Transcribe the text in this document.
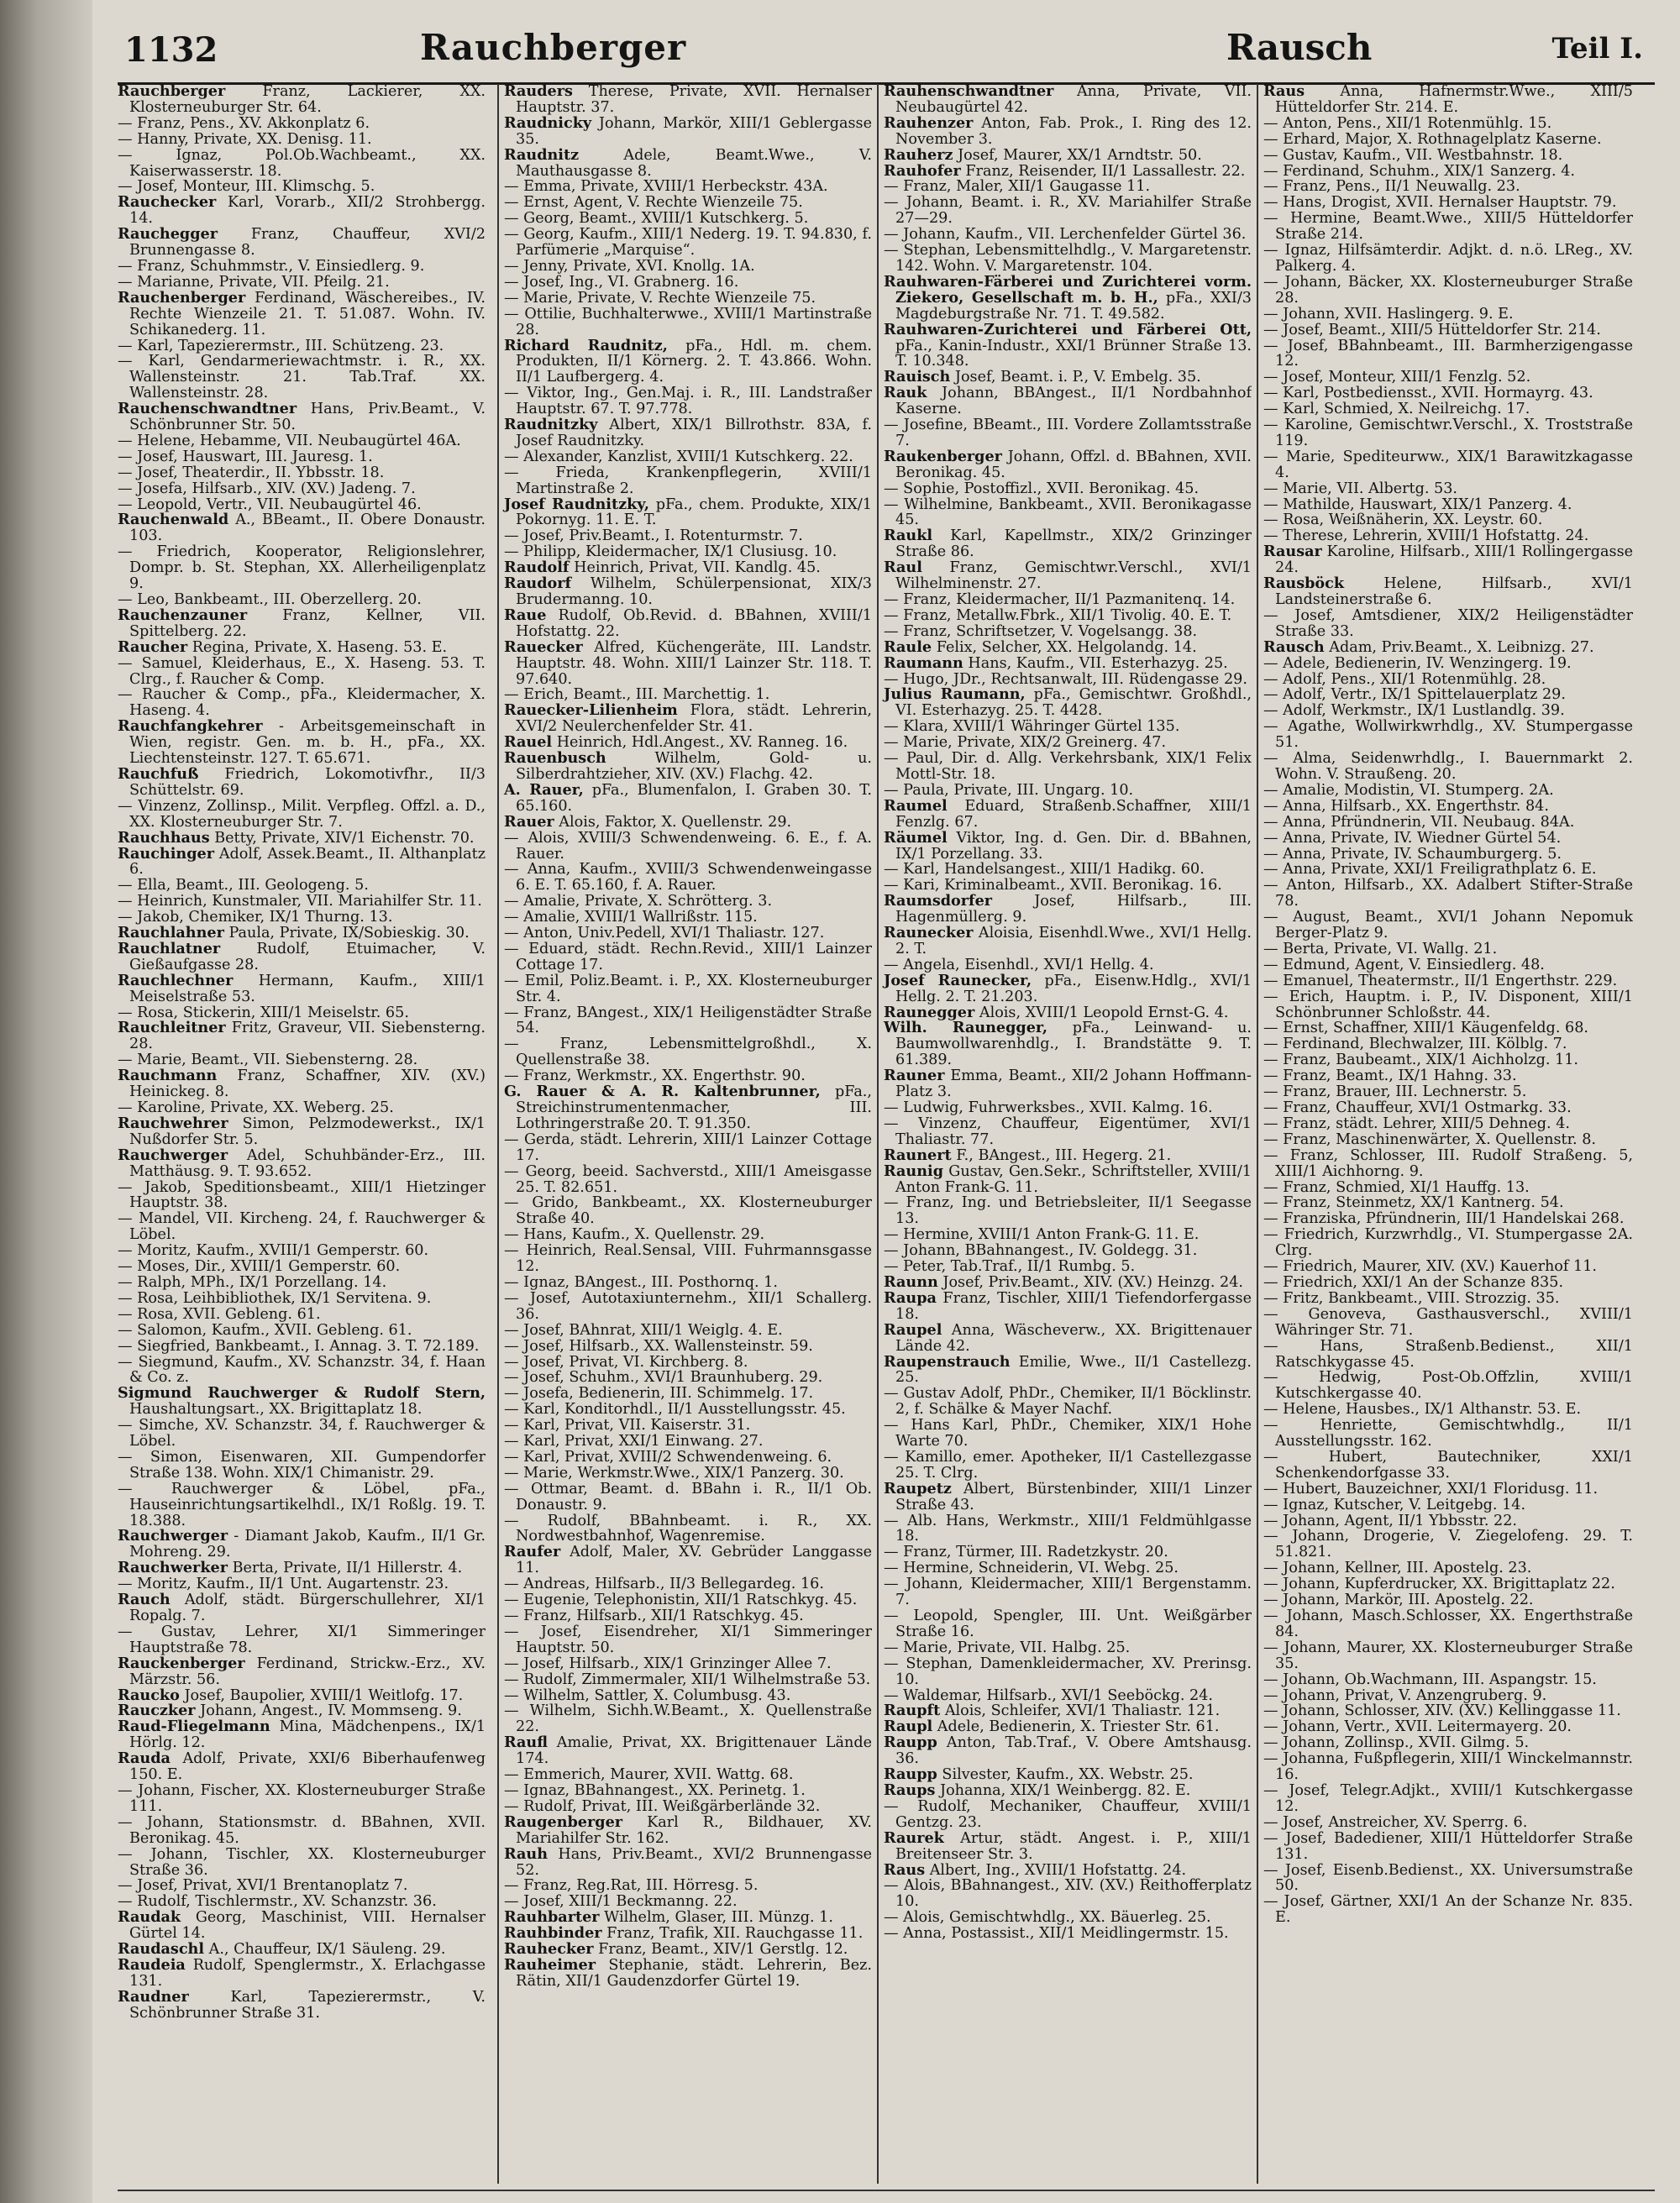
1132	Rauchberger	Rausch	Teil I.

Rauchberger	Franz, Lackierer, XX. Klosterneuburger Str. 64.

— Franz, Pens., XV. Akkonplatz 6.

— Hanny, Private, XX. Denisg. 11.

— Ignaz, Pol.Ob.Wachbeamt., XX. Kaiserwasserstr. 18.

— Josef, Monteur, III. Klimschg. 5.

Rauchecker Karl, Vorarb., XII/2 Strohbergg. 14.

Rauchegger Franz, Chauffeur, XVI/2 Brunnengasse 8.

— Franz, Schuhmmstr., V. Einsiedlerg. 9.

— Marianne, Private, VII. Pfeilg. 21.

Rauchenberger Ferdinand, Wäschereibes., IV. Rechte Wienzeile 21. T. 51.087. Wohn. IV. Schikanederg. 11.

— Karl, Tapezierermstr., III. Schützeng. 23.

— Karl, Gendarmeriewachtmstr. i. R., XX. Wallensteinstr. 21. Tab.Traf. XX. Wallensteinstr. 28.

Rauchenschwandtner Hans, Priv.Beamt., V. Schönbrunner Str. 50.

— Helene, Hebamme, VII. Neubaugürtel 46A.

— Josef, Hauswart, III. Jauresg. 1.

— Josef, Theaterdir., II. Ybbsstr. 18.

— Josefa, Hilfsarb., XIV. (XV.) Jadeng. 7.

— Leopold, Vertr., VII. Neubaugürtel 46.

Rauchenwald A., BBeamt., II. Obere Donaustr. 103.

— Friedrich, Kooperator, Religionslehrer, Dompr. b. St. Stephan, XX. Allerheiligenplatz 9.

— Leo, Bankbeamt., III. Oberzellerg. 20.

Rauchenzauner Franz, Kellner, VII. Spittelberg. 22.

Raucher Regina, Private, X. Haseng. 53. E.

— Samuel, Kleiderhaus, E., X. Haseng. 53. T. Clrg., f. Raucher & Comp.

— Raucher & Comp., pFa., Kleidermacher, X. Haseng. 4.

Rauchfangkehrer - Arbeitsgemeinschaft in Wien, registr. Gen. m. b. H., pFa., XX. Liechtensteinstr. 127. T. 65.671.

Rauchfuß Friedrich, Lokomotivfhr., II/3 Schüttelstr. 69.

— Vinzenz, Zollinsp., Milit. Verpfleg. Offzl. a. D., XX. Klosterneuburger Str. 7.

Rauchhaus Betty, Private, XIV/1 Eichenstr. 70.

Rauchinger Adolf, Assek.Beamt., II. Althanplatz 6.

— Ella, Beamt., III. Geologeng. 5.

— Heinrich, Kunstmaler, VII. Mariahilfer Str. 11.

— Jakob, Chemiker, IX/1 Thurng. 13.

Rauchlahner Paula, Private, IX/Sobieskig. 30.

Rauchlatner Rudolf, Etuimacher, V. Gießaufgasse 28.

Rauchlechner Hermann, Kaufm., XIII/1 Meiselstraße 53.

— Rosa, Stickerin, XIII/1 Meiselstr. 65.

Rauchleitner Fritz, Graveur, VII. Siebensterng. 28.

— Marie, Beamt., VII. Siebensterng. 28.

Rauchmann Franz, Schaffner, XIV. (XV.) Heinickeg. 8.

— Karoline, Private, XX. Weberg. 25.

Rauchwehrer Simon, Pelzmodewerkst., IX/1 Nußdorfer Str. 5.

Rauchwerger Adel, Schuhbänder-Erz., III. Matthäusg. 9. T. 93.652.

— Jakob, Speditionsbeamt., XIII/1 Hietzinger Hauptstr. 38.

— Mandel, VII. Kircheng. 24, f. Rauchwerger & Löbel.

— Moritz, Kaufm., XVIII/1 Gemperstr. 60.

— Moses, Dir., XVIII/1 Gemperstr. 60.

— Ralph, MPh., IX/1 Porzellang. 14.

— Rosa, Leihbibliothek, IX/1 Servitena. 9.

— Rosa, XVII. Gebleng. 61.

— Salomon, Kaufm., XVII. Gebleng. 61.

— Siegfried, Bankbeamt., I. Annag. 3. T. 72.189.

— Siegmund, Kaufm., XV. Schanzstr. 34, f. Haan & Co. z.

Sigmund Rauchwerger & Rudolf Stern, Haushaltungsart., XX. Brigittaplatz 18.

— Simche, XV. Schanzstr. 34, f. Rauchwerger & Löbel.

— Simon, Eisenwaren, XII. Gumpendorfer Straße 138. Wohn. XIX/1 Chimanistr. 29.

— Rauchwerger & Löbel, pFa., Hauseinrichtungsartikelhdl., IX/1 Roßlg. 19. T. 18.388.

Rauchwerger - Diamant Jakob, Kaufm., II/1 Gr. Mohreng. 29.

Rauchwerker Berta, Private, II/1 Hillerstr. 4.

— Moritz, Kaufm., II/1 Unt. Augartenstr. 23.

Rauch Adolf, städt. Bürgerschullehrer, XI/1 Ropalg. 7.

— Gustav, Lehrer, XI/1 Simmeringer Hauptstraße 78.

Rauckenberger Ferdinand, Strickw.-Erz., XV. Märzstr. 56.

Raucko Josef, Baupolier, XVIII/1 Weitlofg. 17.

Rauczker Johann, Angest., IV. Mommseng. 9.

Raud-Fliegelmann Mina, Mädchenpens., IX/1 Hörlg. 12.

Rauda Adolf, Private, XXI/6 Biberhaufenweg 150. E.

— Johann, Fischer, XX. Klosterneuburger Straße 111.

— Johann, Stationsmstr. d. BBahnen, XVII. Beronikag. 45.

— Johann, Tischler, XX. Klosterneuburger Straße 36.

— Josef, Privat, XVI/1 Brentanoplatz 7.

— Rudolf, Tischlermstr., XV. Schanzstr. 36.

Raudak Georg, Maschinist, VIII. Hernalser Gürtel 14.

Raudaschl A., Chauffeur, IX/1 Säuleng. 29.

Raudeia Rudolf, Spenglermstr., X. Erlachgasse 131.

Raudner	Karl, Tapezierermstr., V. Schönbrunner Straße 31.

Rauders Therese, Private, XVII. Hernalser Hauptstr. 37.

Raudnicky Johann, Markör, XIII/1 Geblergasse 35.

Raudnitz	Adele, Beamt.Wwe., V. Mauthausgasse 8.

— Emma, Private, XVIII/1 Herbeckstr. 43A.

— Ernst, Agent, V. Rechte Wienzeile 75.

— Georg, Beamt., XVIII/1 Kutschkerg. 5.

— Georg, Kaufm., XIII/1 Nederg. 19. T. 94.830, f. Parfümerie „Marquise“.

— Jenny, Private, XVI. Knollg. 1A.

— Josef, Ing., VI. Grabnerg. 16.

— Marie, Private, V. Rechte Wienzeile 75.

— Ottilie, Buchhalterwwe., XVIII/1 Martinstraße 28.

Richard Raudnitz, pFa., Hdl. m. chem. Produkten, II/1 Körnerg. 2. T. 43.866. Wohn. II/1 Laufbergerg. 4.

— Viktor, Ing., Gen.Maj. i. R., III. Landstraßer Hauptstr. 67. T. 97.778.

Raudnitzky Albert, XIX/1 Billrothstr. 83A, f. Josef Raudnitzky.

— Alexander, Kanzlist, XVIII/1 Kutschkerg. 22.

— Frieda, Krankenpflegerin, XVIII/1 Martinstraße 2.

Josef Raudnitzky, pFa., chem. Produkte, XIX/1 Pokornyg. 11. E. T.

— Josef, Priv.Beamt., I. Rotenturmstr. 7.

— Philipp, Kleidermacher, IX/1 Clusiusg. 10.

Raudolf Heinrich, Privat, VII. Kandlg. 45.

Raudorf Wilhelm, Schülerpensionat, XIX/3 Brudermanng. 10.

Raue Rudolf, Ob.Revid. d. BBahnen, XVIII/1 Hofstattg. 22.

Rauecker Alfred, Küchengeräte, III. Landstr. Hauptstr. 48. Wohn. XIII/1 Lainzer Str. 118. T. 97.640.

— Erich, Beamt., III. Marchettig. 1.

Rauecker-Lilienheim Flora, städt. Lehrerin, XVI/2 Neulerchenfelder Str. 41.

Rauel Heinrich, Hdl.Angest., XV. Ranneg. 16.

Rauenbusch	Wilhelm, Gold- u. Silberdrahtzieher, XIV. (XV.) Flachg. 42.

A. Rauer, pFa., Blumenfalon, I. Graben 30. T. 65.160.

Rauer Alois, Faktor, X. Quellenstr. 29.

— Alois, XVIII/3 Schwendenweing. 6. E., f. A. Rauer.

— Anna, Kaufm., XVIII/3 Schwendenweingasse 6. E. T. 65.160, f. A. Rauer.

— Amalie, Private, X. Schrötterg. 3.

— Amalie, XVIII/1 Wallrißstr. 115.

— Anton, Univ.Pedell, XVI/1 Thaliastr. 127.

— Eduard, städt. Rechn.Revid., XIII/1 Lainzer Cottage 17.

— Emil, Poliz.Beamt. i. P., XX. Klosterneuburger Str. 4.

— Franz, BAngest., XIX/1 Heiligenstädter Straße 54.

— Franz, Lebensmittelgroßhdl., X. Quellenstraße 38.

— Franz, Werkmstr., XX. Engerthstr. 90.

G. Rauer & A. R. Kaltenbrunner, pFa., Streichinstrumentenmacher, III. Lothringerstraße 20. T. 91.350.

— Gerda, städt. Lehrerin, XIII/1 Lainzer Cottage 17.

— Georg, beeid. Sachverstd., XIII/1 Ameisgasse 25. T. 82.651.

— Grido, Bankbeamt., XX. Klosterneuburger Straße 40.

— Hans, Kaufm., X. Quellenstr. 29.

— Heinrich, Real.Sensal, VIII. Fuhrmannsgasse 12.

— Ignaz, BAngest., III. Posthornq. 1.

— Josef, Autotaxiunternehm., XII/1 Schallerg. 36.

— Josef, BAhnrat, XIII/1 Weiglg. 4. E.

— Josef, Hilfsarb., XX. Wallensteinstr. 59.

— Josef, Privat, VI. Kirchberg. 8.

— Josef, Schuhm., XVI/1 Braunhuberg. 29.

— Josefa, Bedienerin, III. Schimmelg. 17.

— Karl, Konditorhdl., II/1 Ausstellungsstr. 45.

— Karl, Privat, VII. Kaiserstr. 31.

— Karl, Privat, XXI/1 Einwang. 27.

— Karl, Privat, XVIII/2 Schwendenweing. 6.

— Marie, Werkmstr.Wwe., XIX/1 Panzerg. 30.

— Ottmar, Beamt. d. BBahn i. R., II/1 Ob. Donaustr. 9.

— Rudolf, BBahnbeamt. i. R., XX. Nordwestbahnhof, Wagenremise.

Raufer Adolf, Maler, XV. Gebrüder Langgasse 11.

— Andreas, Hilfsarb., II/3 Bellegardeg. 16.

— Eugenie, Telephonistin, XII/1 Ratschkyg. 45.

— Franz, Hilfsarb., XII/1 Ratschkyg. 45.

— Josef, Eisendreher, XI/1 Simmeringer Hauptstr. 50.

— Josef, Hilfsarb., XIX/1 Grinzinger Allee 7.

— Rudolf, Zimmermaler, XII/1 Wilhelmstraße 53.

— Wilhelm, Sattler, X. Columbusg. 43.

— Wilhelm, Sichh.W.Beamt., X. Quellenstraße 22.

Raufl Amalie, Privat, XX. Brigittenauer Lände 174.

— Emmerich, Maurer, XVII. Wattg. 68.

— Ignaz, BBahnangest., XX. Perinetg. 1.

— Rudolf, Privat, III. Weißgärberlände 32.

Raugenberger Karl R., Bildhauer, XV. Mariahilfer Str. 162.

Rauh Hans, Priv.Beamt., XVI/2 Brunnengasse 52.

— Franz, Reg.Rat, III. Hörresg. 5.

— Josef, XIII/1 Beckmanng. 22.

Rauhbarter Wilhelm, Glaser, III. Münzg. 1.

Rauhbinder Franz, Trafik, XII. Rauchgasse 11.

Rauhecker Franz, Beamt., XIV/1 Gerstlg. 12.

Rauheimer Stephanie, städt. Lehrerin, Bez. Rätin, XII/1 Gaudenzdorfer Gürtel 19.

Rauhenschwandtner Anna, Private, VII. Neubaugürtel 42.

Rauhenzer Anton, Fab. Prok., I. Ring des 12. November 3.

Rauherz Josef, Maurer, XX/1 Arndtstr. 50.

Rauhofer Franz, Reisender, II/1 Lassallestr. 22.

— Franz, Maler, XII/1 Gaugasse 11.

— Johann, Beamt. i. R., XV. Mariahilfer Straße 27—29.

— Johann, Kaufm., VII. Lerchenfelder Gürtel 36.

— Stephan, Lebensmittelhdlg., V. Margaretenstr. 142. Wohn. V. Margaretenstr. 104.

Rauhwaren-Färberei und Zurichterei vorm. Ziekero, Gesellschaft m. b. H., pFa., XXI/3 Magdeburgstraße Nr. 71. T. 49.582.

Rauhwaren-Zurichterei und Färberei Ott, pFa., Kanin-Industr., XXI/1 Brünner Straße 13. T. 10.348.

Rauisch Josef, Beamt. i. P., V. Embelg. 35.

Rauk Johann, BBAngest., II/1 Nordbahnhof Kaserne.

— Josefine, BBeamt., III. Vordere Zollamtsstraße 7.

Raukenberger Johann, Offzl. d. BBahnen, XVII. Beronikag. 45.

— Sophie, Postoffizl., XVII. Beronikag. 45.

— Wilhelmine, Bankbeamt., XVII. Beronikagasse 45.

Raukl Karl, Kapellmstr., XIX/2 Grinzinger Straße 86.

Raul Franz, Gemischtwr.Verschl., XVI/1 Wilhelminenstr. 27.

— Franz, Kleidermacher, II/1 Pazmanitenq. 14.

— Franz, Metallw.Fbrk., XII/1 Tivolig. 40. E. T.

— Franz, Schriftsetzer, V. Vogelsangg. 38.

Raule Felix, Selcher, XX. Helgolandg. 14.

Raumann Hans, Kaufm., VII. Esterhazyg. 25.

— Hugo, JDr., Rechtsanwalt, III. Rüdengasse 29.

Julius Raumann, pFa., Gemischtwr. Großhdl., VI. Esterhazyg. 25. T. 4428.

— Klara, XVIII/1 Währinger Gürtel 135.

— Marie, Private, XIX/2 Greinerg. 47.

— Paul, Dir. d. Allg. Verkehrsbank, XIX/1 Felix Mottl-Str. 18.

— Paula, Private, III. Ungarg. 10.

Raumel Eduard, Straßenb.Schaffner, XIII/1 Fenzlg. 67.

Räumel Viktor, Ing. d. Gen. Dir. d. BBahnen, IX/1 Porzellang. 33.

— Karl, Handelsangest., XIII/1 Hadikg. 60.

— Kari, Kriminalbeamt., XVII. Beronikag. 16.

Raumsdorfer	Josef, Hilfsarb., III. Hagenmüllerg. 9.

Raunecker Aloisia, Eisenhdl.Wwe., XVI/1 Hellg. 2. T.

— Angela, Eisenhdl., XVI/1 Hellg. 4.

Josef Raunecker, pFa., Eisenw.Hdlg., XVI/1 Hellg. 2. T. 21.203.

Raunegger Alois, XVIII/1 Leopold Ernst-G. 4.

Wilh. Raunegger, pFa., Leinwand- u. Baumwollwarenhdlg., I. Brandstätte 9. T. 61.389.

Rauner Emma, Beamt., XII/2 Johann Hoffmann-Platz 3.

— Ludwig, Fuhrwerksbes., XVII. Kalmg. 16.

— Vinzenz, Chauffeur, Eigentümer, XVI/1 Thaliastr. 77.

Raunert F., BAngest., III. Hegerg. 21.

Raunig Gustav, Gen.Sekr., Schriftsteller, XVIII/1 Anton Frank-G. 11.

— Franz, Ing. und Betriebsleiter, II/1 Seegasse 13.

— Hermine, XVIII/1 Anton Frank-G. 11. E.

— Johann, BBahnangest., IV. Goldegg. 31.

— Peter, Tab.Traf., II/1 Rumbg. 5.

Raunn Josef, Priv.Beamt., XIV. (XV.) Heinzg. 24.

Raupa Franz, Tischler, XIII/1 Tiefendorfergasse 18.

Raupel Anna, Wäscheverw., XX. Brigittenauer Lände 42.

Raupenstrauch Emilie, Wwe., II/1 Castellezg. 25.

— Gustav Adolf, PhDr., Chemiker, II/1 Böcklinstr. 2, f. Schälke & Mayer Nachf.

— Hans Karl, PhDr., Chemiker, XIX/1 Hohe Warte 70.

— Kamillo, emer. Apotheker, II/1 Castellezgasse 25. T. Clrg.

Raupetz Albert, Bürstenbinder, XIII/1 Linzer Straße 43.

— Alb. Hans, Werkmstr., XIII/1 Feldmühlgasse 18.

— Franz, Türmer, III. Radetzkystr. 20.

— Hermine, Schneiderin, VI. Webg. 25.

— Johann, Kleidermacher, XIII/1 Bergenstamm. 7.

— Leopold, Spengler, III. Unt. Weißgärber Straße 16.

— Marie, Private, VII. Halbg. 25.

— Stephan, Damenkleidermacher, XV. Prerinsg. 10.

— Waldemar, Hilfsarb., XVI/1 Seeböckg. 24.

Raupft Alois, Schleifer, XVI/1 Thaliastr. 121.

Raupl Adele, Bedienerin, X. Triester Str. 61.

Raupp Anton, Tab.Traf., V. Obere Amtshausg. 36.

Raupp Silvester, Kaufm., XX. Webstr. 25.

Raups Johanna, XIX/1 Weinbergg. 82. E.

— Rudolf, Mechaniker, Chauffeur, XVIII/1 Gentzg. 23.

Raurek Artur, städt. Angest. i. P., XIII/1 Breitenseer Str. 3.

Raus Albert, Ing., XVIII/1 Hofstattg. 24.

— Alois, BBahnangest., XIV. (XV.) Reithofferplatz 10.

— Alois, Gemischtwhdlg., XX. Bäuerleg. 25.

— Anna, Postassist., XII/1 Meidlingermstr. 15.

Raus Anna, Hafnermstr.Wwe., XIII/5 Hütteldorfer Str. 214. E.

— Anton, Pens., XII/1 Rotenmühlg. 15.

— Erhard, Major, X. Rothnagelplatz Kaserne.

— Gustav, Kaufm., VII. Westbahnstr. 18.

— Ferdinand, Schuhm., XIX/1 Sanzerg. 4.

— Franz, Pens., II/1 Neuwallg. 23.

— Hans, Drogist, XVII. Hernalser Hauptstr. 79.

— Hermine, Beamt.Wwe., XIII/5 Hütteldorfer Straße 214.

— Ignaz, Hilfsämterdir. Adjkt. d. n.ö. LReg., XV. Palkerg. 4.

— Johann, Bäcker, XX. Klosterneuburger Straße 28.

— Johann, XVII. Haslingerg. 9. E.

— Josef, Beamt., XIII/5 Hütteldorfer Str. 214.

— Josef, BBahnbeamt., III. Barmherzigengasse 12.

— Josef, Monteur, XIII/1 Fenzlg. 52.

— Karl, Postbediensst., XVII. Hormayrg. 43.

— Karl, Schmied, X. Neilreichg. 17.

— Karoline, Gemischtwr.Verschl., X. Troststraße 119.

— Marie, Spediteurww., XIX/1 Barawitzkagasse 4.

— Marie, VII. Albertg. 53.

— Mathilde, Hauswart, XIX/1 Panzerg. 4.

— Rosa, Weißnäherin, XX. Leystr. 60.

— Therese, Lehrerin, XVIII/1 Hofstattg. 24.

Rausar Karoline, Hilfsarb., XIII/1 Rollingergasse 24.

Rausböck	Helene, Hilfsarb., XVI/1 Landsteinerstraße 6.

— Josef, Amtsdiener, XIX/2 Heiligenstädter Straße 33.

Rausch Adam, Priv.Beamt., X. Leibnizg. 27.

— Adele, Bedienerin, IV. Wenzingerg. 19.

— Adolf, Pens., XII/1 Rotenmühlg. 28.

— Adolf, Vertr., IX/1 Spittelauerplatz 29.

— Adolf, Werkmstr., IX/1 Lustlandlg. 39.

— Agathe, Wollwirkwrhdlg., XV. Stumpergasse 51.

— Alma, Seidenwrhdlg., I. Bauernmarkt 2. Wohn. V. Straußeng. 20.

— Amalie, Modistin, VI. Stumperg. 2A.

— Anna, Hilfsarb., XX. Engerthstr. 84.

— Anna, Pfründnerin, VII. Neubaug. 84A.

— Anna, Private, IV. Wiedner Gürtel 54.

— Anna, Private, IV. Schaumburgerg. 5.

— Anna, Private, XXI/1 Freiligrathplatz 6. E.

— Anton, Hilfsarb., XX. Adalbert Stifter-Straße 78.

— August, Beamt., XVI/1 Johann Nepomuk Berger-Platz 9.

— Berta, Private, VI. Wallg. 21.

— Edmund, Agent, V. Einsiedlerg. 48.

— Emanuel, Theatermstr., II/1 Engerthstr. 229.

— Erich, Hauptm. i. P., IV. Disponent, XIII/1 Schönbrunner Schloßstr. 44.

— Ernst, Schaffner, XIII/1 Käugenfeldg. 68.

— Ferdinand, Blechwalzer, III. Kölblg. 7.

— Franz, Baubeamt., XIX/1 Aichholzg. 11.

— Franz, Beamt., IX/1 Hahng. 33.

— Franz, Brauer, III. Lechnerstr. 5.

— Franz, Chauffeur, XVI/1 Ostmarkg. 33.

— Franz, städt. Lehrer, XIII/5 Dehneg. 4.

— Franz, Maschinenwärter, X. Quellenstr. 8.

— Franz, Schlosser, III. Rudolf Straßeng. 5, XIII/1 Aichhorng. 9.

— Franz, Schmied, XI/1 Hauffg. 13.

— Franz, Steinmetz, XX/1 Kantnerg. 54.

— Franziska, Pfründnerin, III/1 Handelskai 268.

— Friedrich, Kurzwrhdlg., VI. Stumpergasse 2A. Clrg.

— Friedrich, Maurer, XIV. (XV.) Kauerhof 11.

— Friedrich, XXI/1 An der Schanze 835.

— Fritz, Bankbeamt., VIII. Strozzig. 35.

— Genoveva, Gasthausverschl., XVIII/1 Währinger Str. 71.

— Hans, Straßenb.Bedienst., XII/1 Ratschkygasse 45.

— Hedwig, Post-Ob.Offzlin, XVIII/1 Kutschkergasse 40.

— Helene, Hausbes., IX/1 Althanstr. 53. E.

— Henriette, Gemischtwhdlg., II/1 Ausstellungsstr. 162.

— Hubert, Bautechniker, XXI/1 Schenkendorfgasse 33.

— Hubert, Bauzeichner, XXI/1 Floridusg. 11.

— Ignaz, Kutscher, V. Leitgebg. 14.

— Johann, Agent, II/1 Ybbsstr. 22.

— Johann, Drogerie, V. Ziegelofeng. 29. T. 51.821.

— Johann, Kellner, III. Apostelg. 23.

— Johann, Kupferdrucker, XX. Brigittaplatz 22.

— Johann, Markör, III. Apostelg. 22.

— Johann, Masch.Schlosser, XX. Engerthstraße 84.

— Johann, Maurer, XX. Klosterneuburger Straße 35.

— Johann, Ob.Wachmann, III. Aspangstr. 15.

— Johann, Privat, V. Anzengruberg. 9.

— Johann, Schlosser, XIV. (XV.) Kellinggasse 11.

— Johann, Vertr., XVII. Leitermayerg. 20.

— Johann, Zollinsp., XVII. Gilmg. 5.

— Johanna, Fußpflegerin, XIII/1 Winckelmannstr. 16.

— Josef, Telegr.Adjkt., XVIII/1 Kutschkergasse 12.

— Josef, Anstreicher, XV. Sperrg. 6.

— Josef, Badediener, XIII/1 Hütteldorfer Straße 131.

— Josef, Eisenb.Bedienst., XX. Universumstraße 50.

— Josef, Gärtner, XXI/1 An der Schanze Nr. 835. E.
